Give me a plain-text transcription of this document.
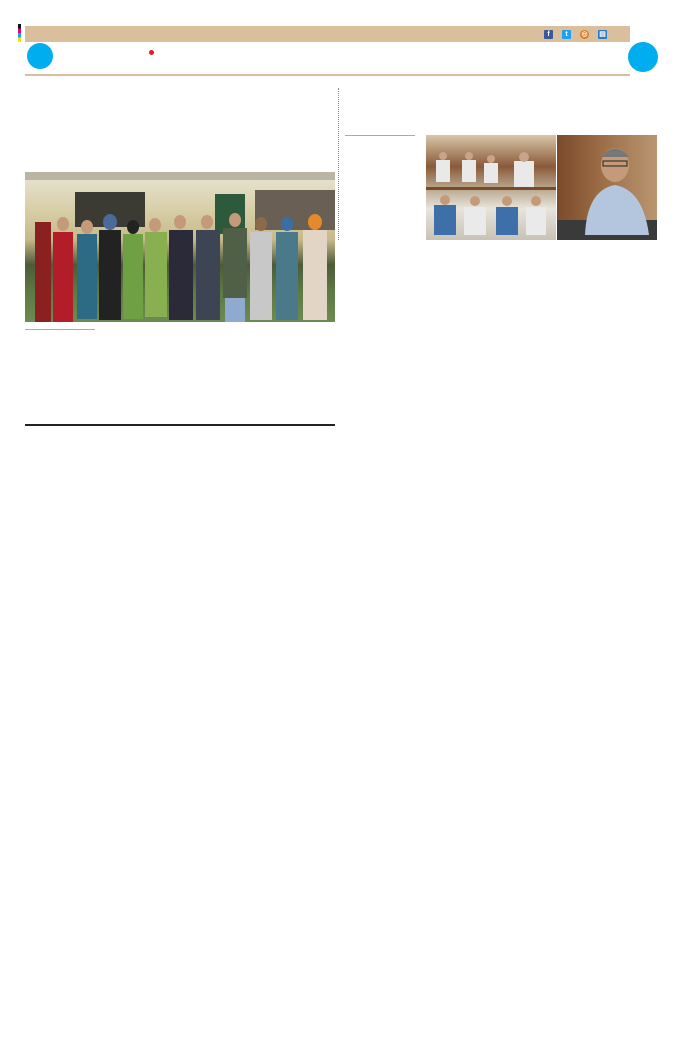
f	t	◎	▤
